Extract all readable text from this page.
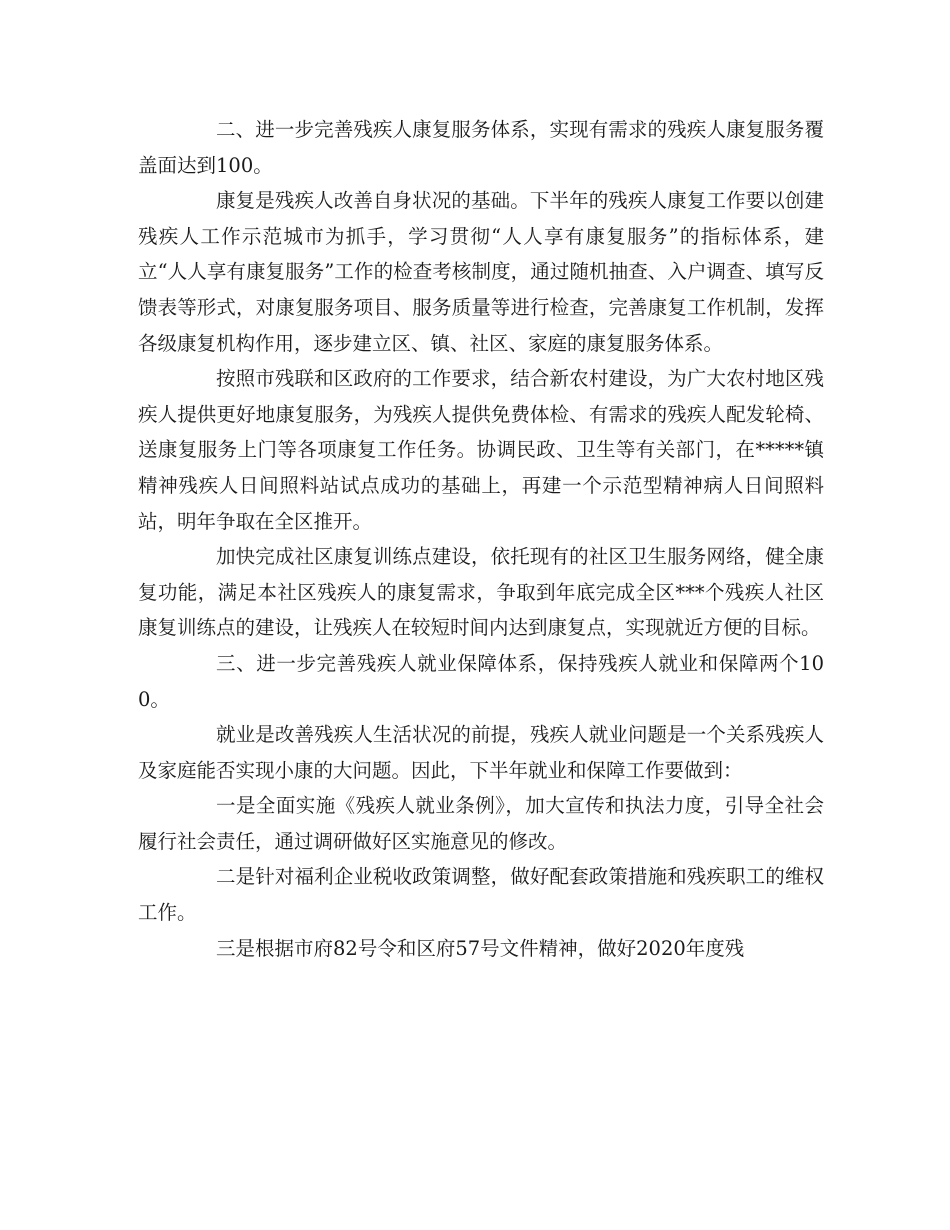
二、进一步完善残疾人康复服务体系，实现有需求的残疾人康复服务覆盖面达到100。

康复是残疾人改善自身状况的基础。下半年的残疾人康复工作要以创建残疾人工作示范城市为抓手，学习贯彻“人人享有康复服务”的指标体系，建立“人人享有康复服务”工作的检查考核制度，通过随机抽查、入户调查、填写反馈表等形式，对康复服务项目、服务质量等进行检查，完善康复工作机制，发挥各级康复机构作用，逐步建立区、镇、社区、家庭的康复服务体系。

按照市残联和区政府的工作要求，结合新农村建设，为广大农村地区残疾人提供更好地康复服务，为残疾人提供免费体检、有需求的残疾人配发轮椅、送康复服务上门等各项康复工作任务。协调民政、卫生等有关部门，在*****镇精神残疾人日间照料站试点成功的基础上，再建一个示范型精神病人日间照料站，明年争取在全区推开。

加快完成社区康复训练点建设，依托现有的社区卫生服务网络，健全康复功能，满足本社区残疾人的康复需求，争取到年底完成全区***个残疾人社区康复训练点的建设，让残疾人在较短时间内达到康复点，实现就近方便的目标。

三、进一步完善残疾人就业保障体系，保持残疾人就业和保障两个100。

就业是改善残疾人生活状况的前提，残疾人就业问题是一个关系残疾人及家庭能否实现小康的大问题。因此，下半年就业和保障工作要做到：

一是全面实施《残疾人就业条例》，加大宣传和执法力度，引导全社会履行社会责任，通过调研做好区实施意见的修改。

二是针对福利企业税收政策调整，做好配套政策措施和残疾职工的维权工作。

三是根据市府82号令和区府57号文件精神，做好2020年度残
